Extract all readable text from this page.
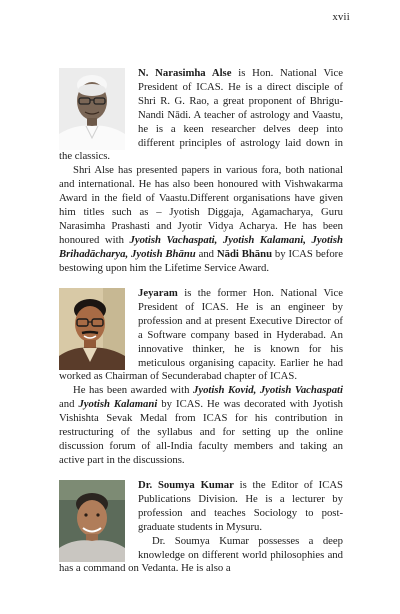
xvii

N. Narasimha Alse is Hon. National Vice President of ICAS. He is a direct disciple of Shri R. G. Rao, a great proponent of Bhrigu-Nandi Nādi. A teacher of astrology and Vaastu, he is a keen researcher delves deep into different principles of astrology laid down in the classics.

Shri Alse has presented papers in various fora, both national and international. He has also been honoured with Vishwakarma Award in the field of Vaastu.Different organisations have given him titles such as – Jyotish Diggaja, Agamacharya, Guru Narasimha Prashasti and Jyotir Vidya Acharya. He has been honoured with Jyotish Vachaspati, Jyotish Kalamani, Jyotish Brihadācharya, Jyotish Bhānu and Nādi Bhānu by ICAS before bestowing upon him the Lifetime Service Award.

Jeyaram is the former Hon. National Vice President of ICAS. He is an engineer by profession and at present Executive Director of a Software company based in Hyderabad. An innovative thinker, he is known for his meticulous organising capacity. Earlier he had worked as Chairman of Secunderabad chapter of ICAS.

He has been awarded with Jyotish Kovid, Jyotish Vachaspati and Jyotish Kalamani by ICAS. He was decorated with Jyotish Vishishta Sevak Medal from ICAS for his contribution in restructuring of the syllabus and for setting up the online discussion forum of all-India faculty members and taking an active part in the discussions.

Dr. Soumya Kumar is the Editor of ICAS Publications Division. He is a lecturer by profession and teaches Sociology to post-graduate students in Mysuru.

Dr. Soumya Kumar possesses a deep knowledge on different world philosophies and has a command on Vedanta. He is also a
